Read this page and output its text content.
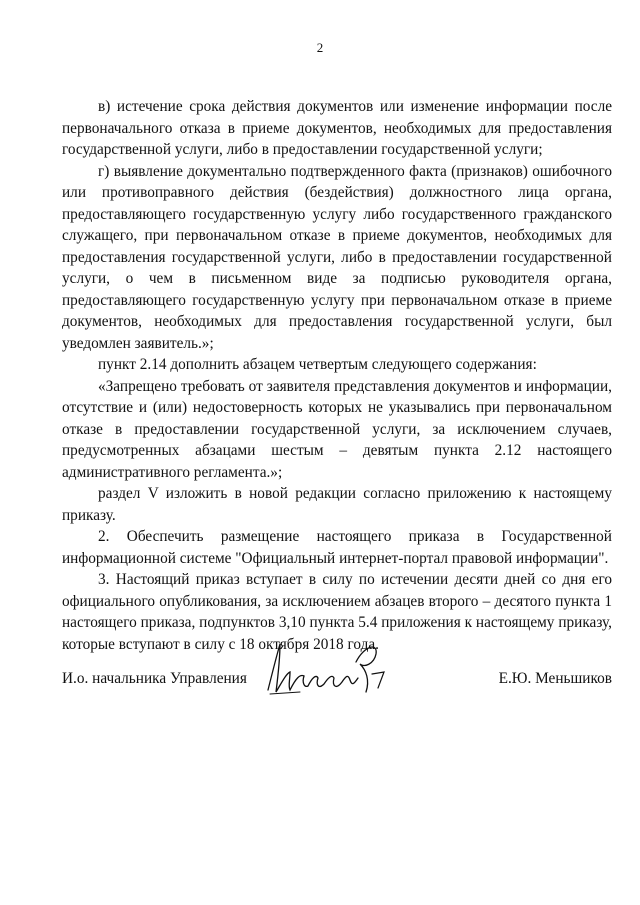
2

в) истечение срока действия документов или изменение информации после первоначального отказа в приеме документов, необходимых для предоставления государственной услуги, либо в предоставлении государственной услуги;

г) выявление документально подтвержденного факта (признаков) ошибочного или противоправного действия (бездействия) должностного лица органа, предоставляющего государственную услугу либо государственного гражданского служащего, при первоначальном отказе в приеме документов, необходимых для предоставления государственной услуги, либо в предоставлении государственной услуги, о чем в письменном виде за подписью руководителя органа, предоставляющего государственную услугу при первоначальном отказе в приеме документов, необходимых для предоставления государственной услуги, был уведомлен заявитель.»;

пункт 2.14 дополнить абзацем четвертым следующего содержания:

«Запрещено требовать от заявителя представления документов и информации, отсутствие и (или) недостоверность которых не указывались при первоначальном отказе в предоставлении государственной услуги, за исключением случаев, предусмотренных абзацами шестым – девятым пункта 2.12 настоящего административного регламента.»;

раздел V изложить в новой редакции согласно приложению к настоящему приказу.

2. Обеспечить размещение настоящего приказа в Государственной информационной системе "Официальный интернет-портал правовой информации".

3. Настоящий приказ вступает в силу по истечении десяти дней со дня его официального опубликования, за исключением абзацев второго – десятого пункта 1 настоящего приказа, подпунктов 3,10 пункта 5.4 приложения к настоящему приказу, которые вступают в силу с 18 октября 2018 года.

И.о. начальника Управления	Е.Ю. Меньшиков
